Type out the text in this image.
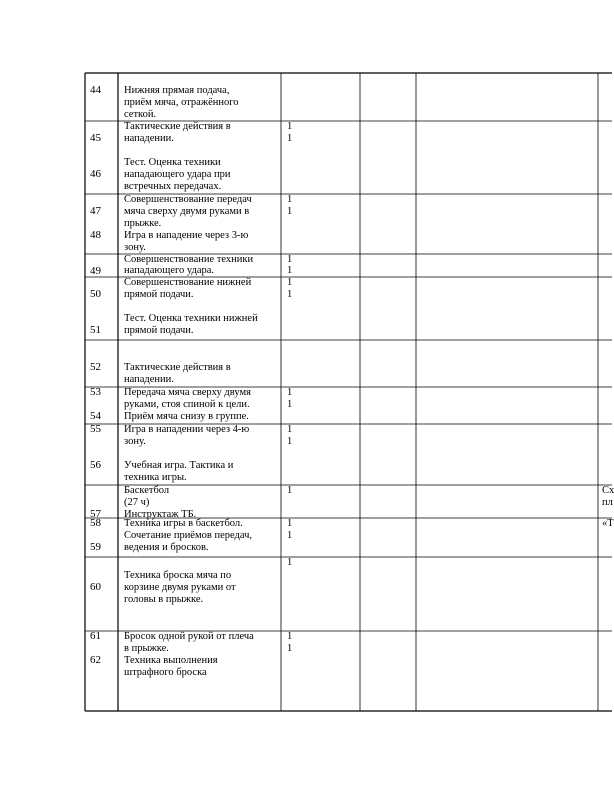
44 Нижняя прямая подача,
приём мяча, отражённого
сеткой.
45
46
Тактические действия в
нападении.
Тест. Оценка техники
нападающего удара при
встречных передачах.
1
1
47
48
Совершенствование передач
мяча сверху двумя руками в
прыжке.
Игра в нападение через 3-ю
зону.
1
1
49
Совершенствование техники
нападающего удара.
1
1
50
51
Совершенствование нижней
прямой подачи.
Тест. Оценка техники нижней
прямой подачи.
1
1
52 Тактические действия в
нападении.
53
54
Передача мяча сверху двумя
руками, стоя спиной к цели.
Приём мяча снизу в группе.
1
1
55
56
Игра в нападении через 4-ю
зону.
Учебная игра. Тактика и
техника игры.
1
1
57
Баскетбол
(27 ч)
Инструктаж ТБ.
1	Сх
пл
58
59
Техника игры в баскетбол.
Сочетание приёмов передач,
ведения и бросков.
1
1
«Т
60
Техника броска мяча по
корзине двумя руками от
головы в прыжке.
1
61
62
Бросок одной рукой от плеча
в прыжке.
Техника выполнения
штрафного броска
1
1
